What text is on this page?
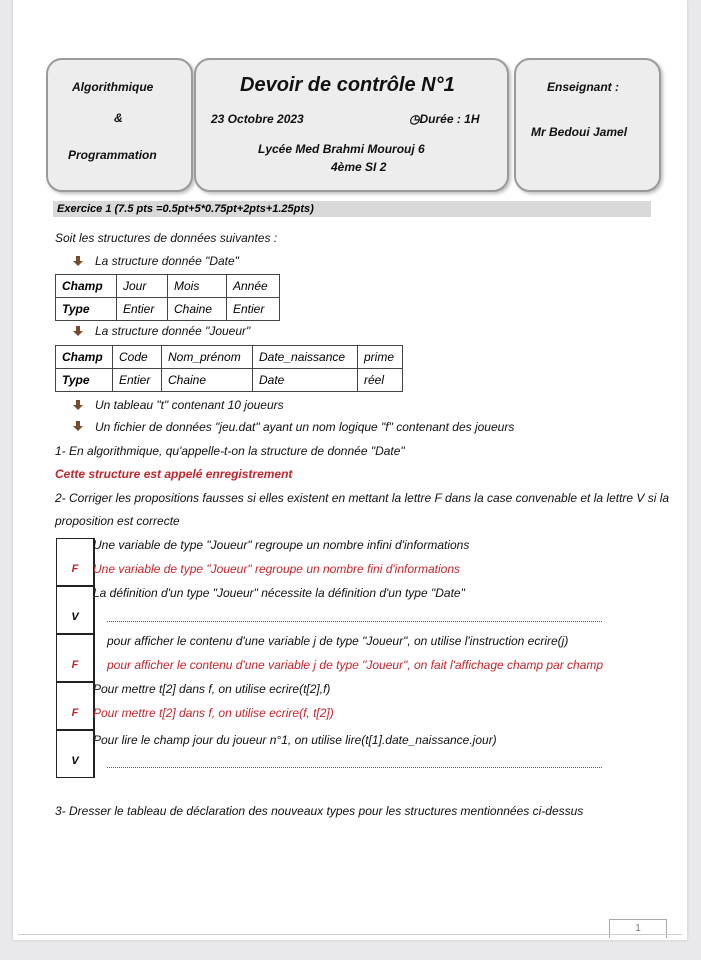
Algorithmique
&
Programmation
Devoir de contrôle N°1
23 Octobre 2023	◷Durée : 1H
Lycée Med Brahmi Mourouj 6
4ème SI 2
Enseignant :
Mr Bedoui Jamel
Exercice 1 (7.5 pts =0.5pt+5*0.75pt+2pts+1.25pts)
Soit les structures de données suivantes :
La structure donnée "Date"
Champ	Jour	Mois	Année
Type	Entier	Chaine	Entier
La structure donnée "Joueur"
Champ	Code	Nom_prénom	Date_naissance	prime
Type	Entier	Chaine	Date	réel
Un tableau "t" contenant 10 joueurs
Un fichier de données "jeu.dat" ayant un nom logique "f" contenant des joueurs
1- En algorithmique, qu'appelle-t-on la structure de donnée "Date"
Cette structure est appelé enregistrement
2- Corriger les propositions fausses si elles existent en mettant la lettre F dans la case convenable et la lettre V si la
proposition est correcte
F
Une variable de type "Joueur" regroupe un nombre infini d'informations
Une variable de type "Joueur" regroupe un nombre fini d'informations
V
La définition d'un type "Joueur" nécessite la définition d'un type "Date"
F
pour afficher le contenu d'une variable j de type "Joueur", on utilise l'instruction ecrire(j)
pour afficher le contenu d'une variable j de type "Joueur", on fait l'affichage champ par champ
F
Pour mettre t[2] dans f, on utilise ecrire(t[2],f)
Pour mettre t[2] dans f, on utilise ecrire(f, t[2])
V
Pour lire le champ jour du joueur n°1, on utilise lire(t[1].date_naissance.jour)
3- Dresser le tableau de déclaration des nouveaux types pour les structures mentionnées ci-dessus
1
